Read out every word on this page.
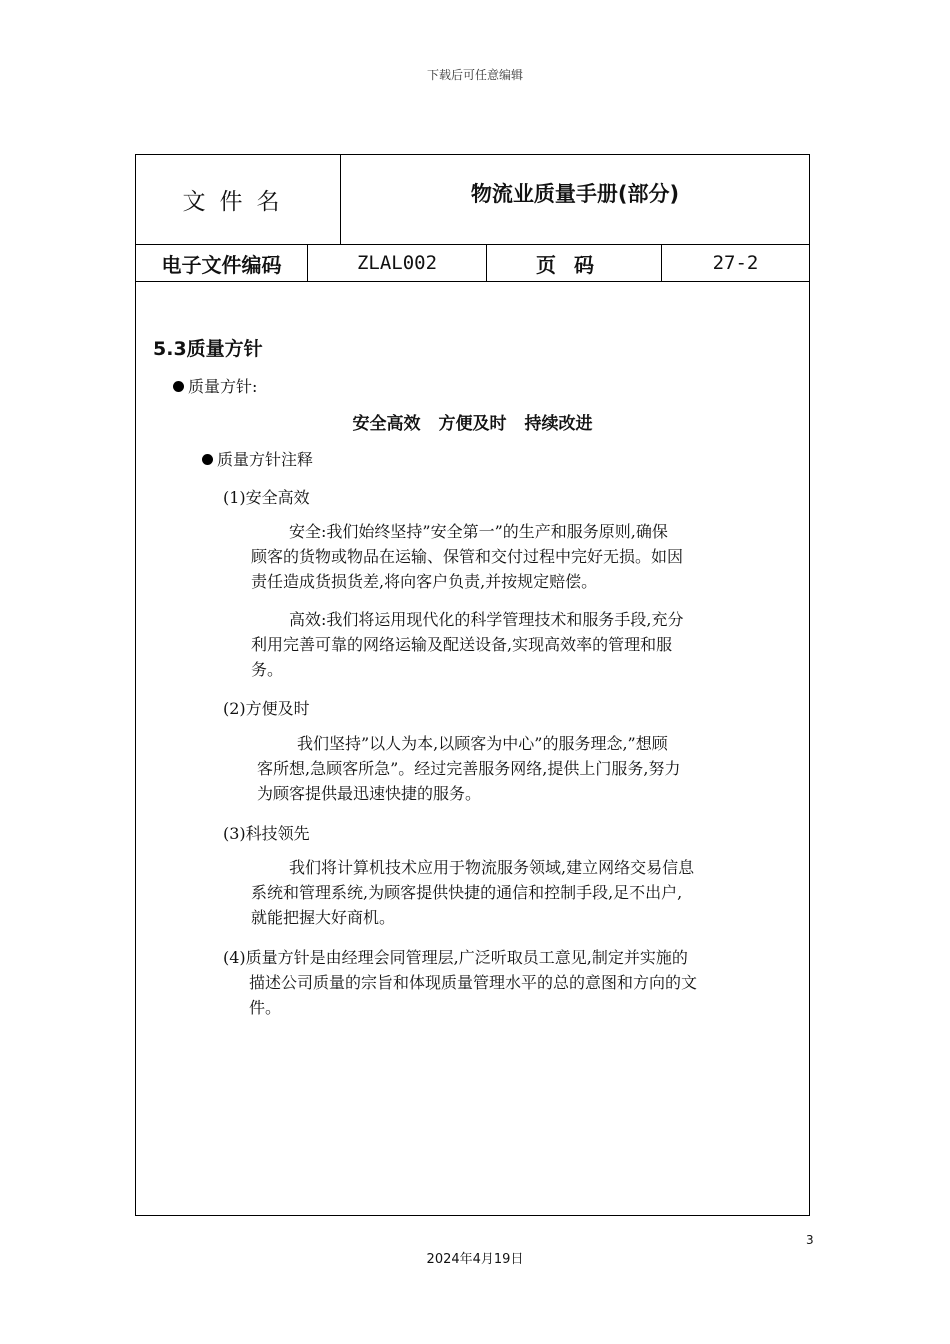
下载后可任意编辑
文件名	物流业质量手册(部分)
电子文件编码	ZLAL002	页码	27-2
5.3质量方针
质量方针:
安全高效 方便及时 持续改进
质量方针注释
(1)安全高效
安全:我们始终坚持”安全第一”的生产和服务原则,确保
顾客的货物或物品在运输、保管和交付过程中完好无损。如因
责任造成货损货差,将向客户负责,并按规定赔偿。
高效:我们将运用现代化的科学管理技术和服务手段,充分
利用完善可靠的网络运输及配送设备,实现高效率的管理和服
务。
(2)方便及时
我们坚持”以人为本,以顾客为中心”的服务理念,”想顾
客所想,急顾客所急”。经过完善服务网络,提供上门服务,努力
为顾客提供最迅速快捷的服务。
(3)科技领先
我们将计算机技术应用于物流服务领域,建立网络交易信息
系统和管理系统,为顾客提供快捷的通信和控制手段,足不出户,
就能把握大好商机。
(4)质量方针是由经理会同管理层,广泛听取员工意见,制定并实施的
描述公司质量的宗旨和体现质量管理水平的总的意图和方向的文
件。
3
2024年4月19日
